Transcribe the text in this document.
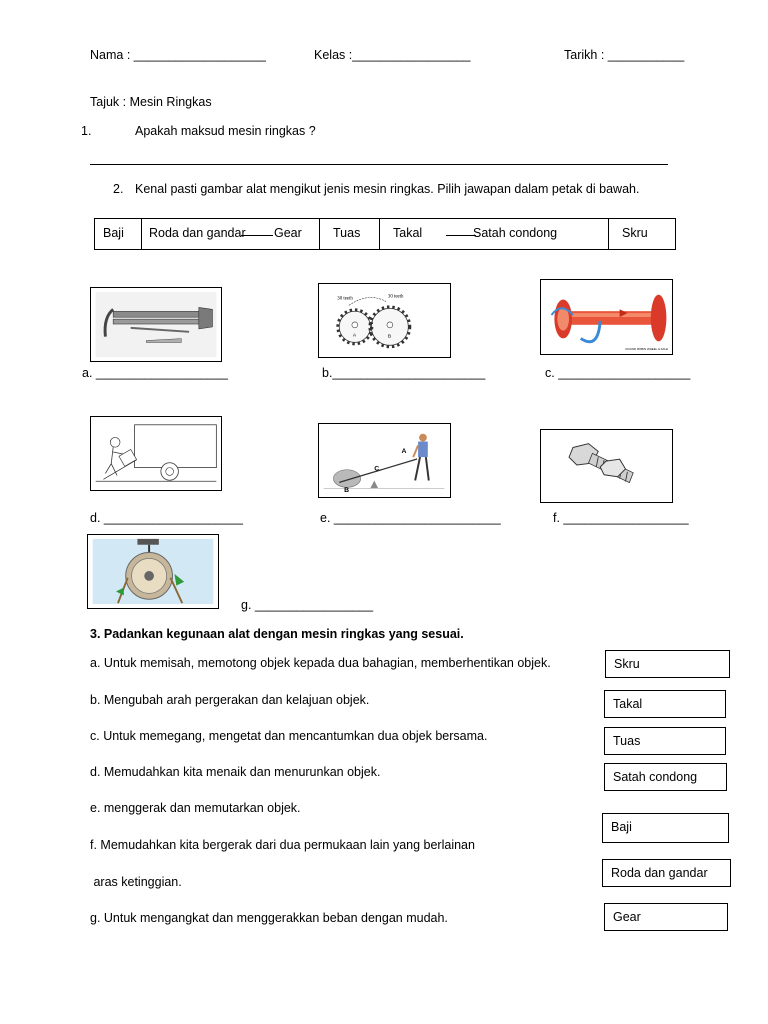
Nama : ___________________	Kelas :_________________	Tarikh : ___________
Tajuk : Mesin Ringkas
1.	Apakah maksud mesin ringkas ?
2. Kenal pasti gambar alat mengikut jenis mesin ringkas. Pilih jawapan dalam petak di bawah.
Baji Roda dan gandar Gear Tuas	Takal	Satah condong	Skru
30 teeth	30 teeth
A	B
ROUND ROBIN WHEEL & AXLE
a. ___________________	b.______________________	c. ___________________
B
C
A
d. ____________________	e. ________________________	f. __________________
g. _________________
3. Padankan kegunaan alat dengan mesin ringkas yang sesuai.
a. Untuk memisah, memotong objek kepada dua bahagian, memberhentikan objek.
b. Mengubah arah pergerakan dan kelajuan objek.
c. Untuk memegang, mengetat dan mencantumkan dua objek bersama.
d. Memudahkan kita menaik dan menurunkan objek.
e. menggerak dan memutarkan objek.
f. Memudahkan kita bergerak dari dua permukaan lain yang berlainan
aras ketinggian.
g. Untuk mengangkat dan menggerakkan beban dengan mudah.
Skru
Takal
Tuas
Satah condong
Baji
Roda dan gandar
Gear
